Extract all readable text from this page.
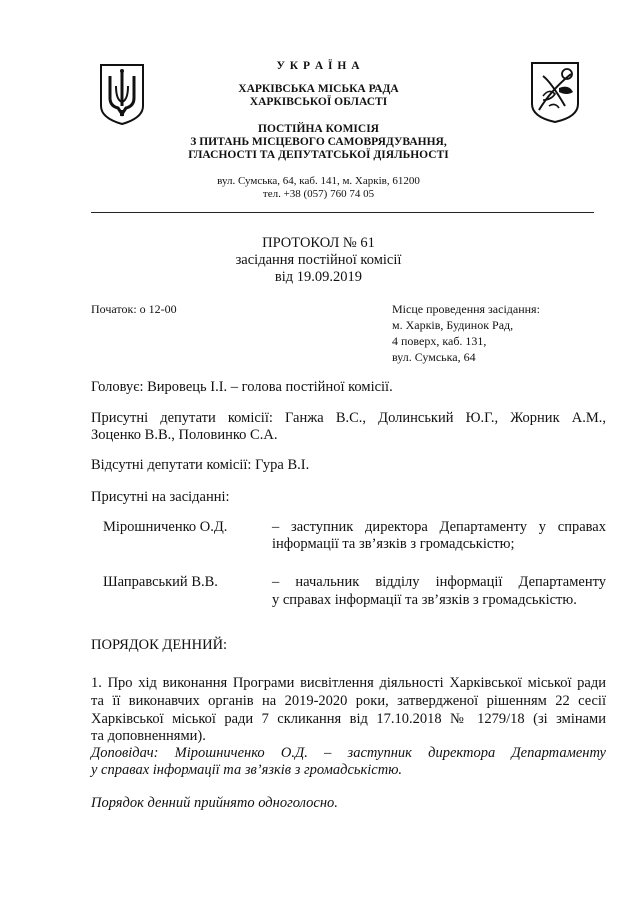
У К Р А Ї Н А
ХАРКІВСЬКА МІСЬКА РАДА
ХАРКІВСЬКОЇ ОБЛАСТІ
ПОСТІЙНА КОМІСІЯ
З ПИТАНЬ МІСЦЕВОГО САМОВРЯДУВАННЯ,
ГЛАСНОСТІ ТА ДЕПУТАТСЬКОЇ ДІЯЛЬНОСТІ
вул. Сумська, 64, каб. 141, м. Харків, 61200
тел. +38 (057) 760 74 05
ПРОТОКОЛ № 61
засідання постійної комісії
від 19.09.2019
Початок: о 12-00	Місце проведення засідання:
м. Харків, Будинок Рад,
4 поверх, каб. 131,
вул. Сумська, 64
Головує: Вировець І.І. – голова постійної комісії.
Присутні депутати комісії: Ганжа В.С., Долинський Ю.Г., Жорник А.М.,
Зоценко В.В., Половинко С.А.
Відсутні депутати комісії: Гура В.І.
Присутні на засіданні:
Мірошниченко О.Д.	– заступник директора Департаменту у справах
інформації та зв’язків з громадськістю;
Шаправський В.В.	– начальник відділу інформації Департаменту
у справах інформації та зв’язків з громадськістю.
ПОРЯДОК ДЕННИЙ:
1. Про хід виконання Програми висвітлення діяльності Харківської міської ради
та її виконавчих органів на 2019-2020 роки, затвердженої рішенням 22 сесії
Харківської міської ради 7 скликання від 17.10.2018 № 1279/18 (зі змінами
та доповненнями).
Доповідач: Мірошниченко О.Д. – заступник директора Департаменту
у справах інформації та зв’язків з громадськістю.
Порядок денний прийнято одноголосно.
